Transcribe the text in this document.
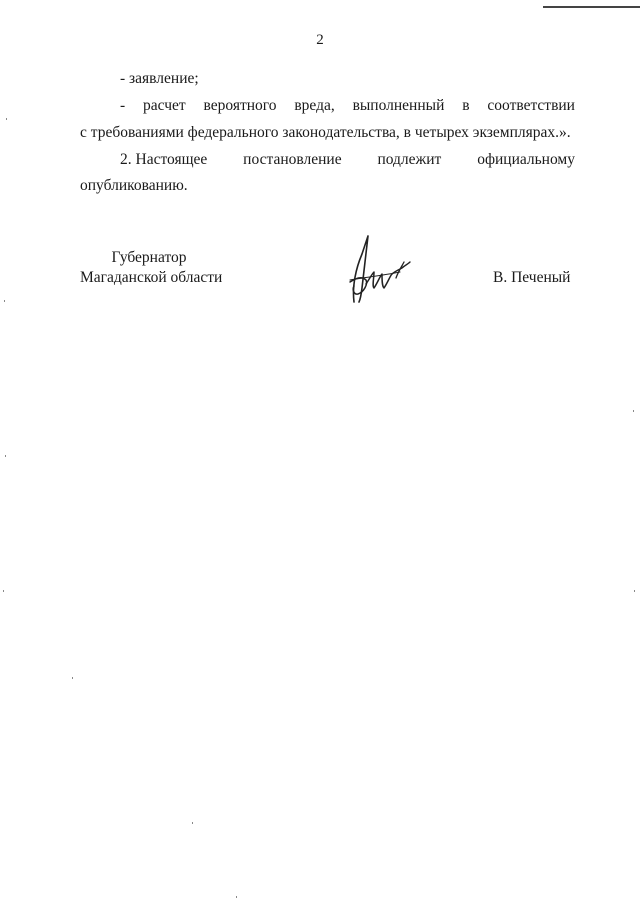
2
- заявление;
- расчет вероятного вреда, выполненный в соответствии
с требованиями федерального законодательства, в четырех экземплярах.».
2. Настоящее постановление подлежит официальному
опубликованию.
Губернатор
Магаданской области	В. Печеный
